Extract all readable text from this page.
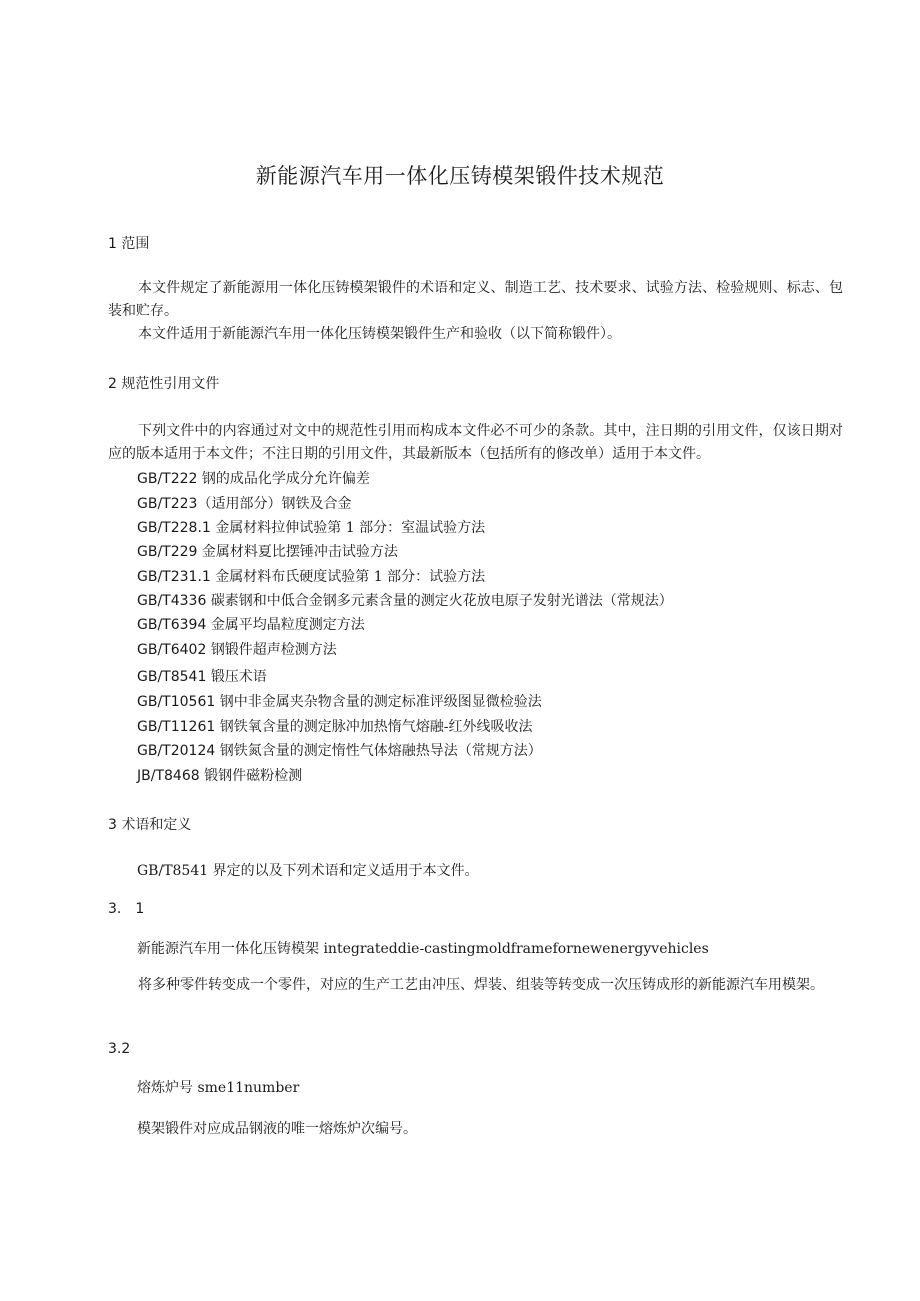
新能源汽车用一体化压铸模架锻件技术规范
1 范围
本文件规定了新能源用一体化压铸模架锻件的术语和定义、制造工艺、技术要求、试验方法、检验规则、标志、包装和贮存。
本文件适用于新能源汽车用一体化压铸模架锻件生产和验收（以下简称锻件）。
2 规范性引用文件
下列文件中的内容通过对文中的规范性引用而构成本文件必不可少的条款。其中，注日期的引用文件，仅该日期对应的版本适用于本文件；不注日期的引用文件，其最新版本（包括所有的修改单）适用于本文件。
GB/T222 钢的成品化学成分允许偏差
GB/T223（适用部分）钢铁及合金
GB/T228.1 金属材料拉伸试验第 1 部分：室温试验方法
GB/T229 金属材料夏比摆锤冲击试验方法
GB/T231.1 金属材料布氏硬度试验第 1 部分：试验方法
GB/T4336 碳素钢和中低合金钢多元素含量的测定火花放电原子发射光谱法（常规法）
GB/T6394 金属平均晶粒度测定方法
GB/T6402 钢锻件超声检测方法
GB/T8541 锻压术语
GB/T10561 钢中非金属夹杂物含量的测定标准评级图显微检验法
GB/T11261 钢铁氧含量的测定脉冲加热惰气熔融-红外线吸收法
GB/T20124 钢铁氮含量的测定惰性气体熔融热导法（常规方法）
JB/T8468 锻钢件磁粉检测
3 术语和定义
GB/T8541 界定的以及下列术语和定义适用于本文件。
3. 1
新能源汽车用一体化压铸模架 integrateddie-castingmoldframefornewenergyvehicles
将多种零件转变成一个零件，对应的生产工艺由冲压、焊装、组装等转变成一次压铸成形的新能源汽车用模架。
3.2
熔炼炉号 sme11number
模架锻件对应成品钢液的唯一熔炼炉次编号。
